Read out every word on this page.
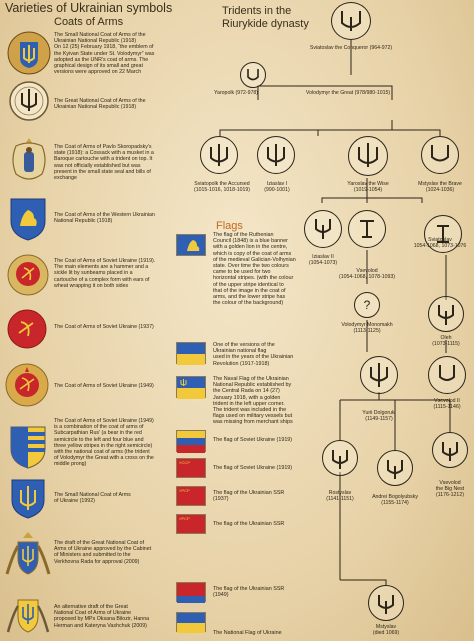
Varieties of Ukrainian symbols
Coats of Arms
Tridents in the
Riurykide dynasty
Flags
The Small National Coat of Arms of the
Ukrainian National Republic (1918)
On 12 (25) February 1918, “the emblem of
the Kyivan State under St. Volodymyr” was
adopted as the UNR's coat of arms. The
graphical design of its small and great
versions were approved on 22 March
The Great National Coat of Arms of the
Ukrainian National Republic (1918)
The Coat of Arms of Pavlo Skoropadsky's
state (1918): a Cossack with a musket in a
Baroque cartouche with a trident on top. It
was not officially established but was
present in the small state seal and bills of
exchange
The Coat of Arms of the Western Ukrainian
National Republic (1918)
The Coat of Arms of Soviet Ukraine (1919).
The main elements are a hammer and a
sickle lit by sunbeams placed in a
cartouche of a complex form with ears of
wheat wrapping it on both sides
The Coat of Arms of Soviet Ukraine (1937)
The Coat of Arms of Soviet Ukraine (1949)
The Coat of Arms of Soviet Ukraine (1949)
is a combination of the coat of arms of
Subcarpathian Rus' (a bear in the red
semicircle to the left and four blue and
three yellow stripes in the right semicircle)
with the national coat of arms (the trident
of Volodymyr the Great with a cross on the
middle prong)
The Small National Coat of Arms
of Ukraine (1992)
The draft of the Great National Coat of
Arms of Ukraine approved by the Cabinet
of Ministers and submitted to the
Verkhovna Rada for approval (2009)
An alternative draft of the Great
National Coat of Arms of Ukraine
proposed by MPs Oksana Bilozir, Hanna
Herman and Kateryna Vashchuk (2009)
УССР
УРСР
УРСР
The flag of the Ruthenian
Council (1848) is a blue banner
with a golden lion in the centre,
which is copy of the coat of arms
of the medieval Galician-Volhynian
state. Over time the two colours
came to be used for two
horizontal stripes. (with the colour
of the upper stripe identical to
that of the image in the coat of
arms, and the lower stripe has
the colour of the background)
One of the versions of the
Ukrainian national flag
used in the years of the Ukrainian
Revolution (1917-1918)
The Naval Flag of the Ukrainian
National Republic established by
the Central Rada on 14 (27)
January 1918, with a golden
trident in the left upper corner.
The trident was included in the
flags used on military vessels but
was missing from merchant ships
The flag of Soviet Ukraine (1919)
The flag of Soviet Ukraine (1919)
The flag of the Ukrainian SSR
(1937)
The flag of the Ukrainian SSR
The flag of the Ukrainian SSR
(1949)
The National Flag of Ukraine
Sviatoslav the Conqueror (964-972)
Yaropolk (972-978)	Volodymyr the Great (978/980-1015)
Sviatopolk the Accursed
(1015-1016, 1018-1019)
Iziaslav I
(990-1001)
Yaroslav the Wise
(1019-1054)
Mstyslav the Brave
(1024-1036)
Iziaslav II
(1054-1073)
Vsevolod
(1054-1068, 1078-1093)
Sviatoslav
1054-1068, 1073-1076
?
Volodymyr Monomakh
(1113-1125)
Oleh
(1073-1115)
Yurii Dolgoruki
(1149-1157)
Vsevolod II
(1115-1146)
Rostyslav
(1141-1151)	Andrei Bogolyubsky
(1155-1174)
Vsevolod
the Big Nest
(1176-1212)
Mstyslav
(died 1069)
